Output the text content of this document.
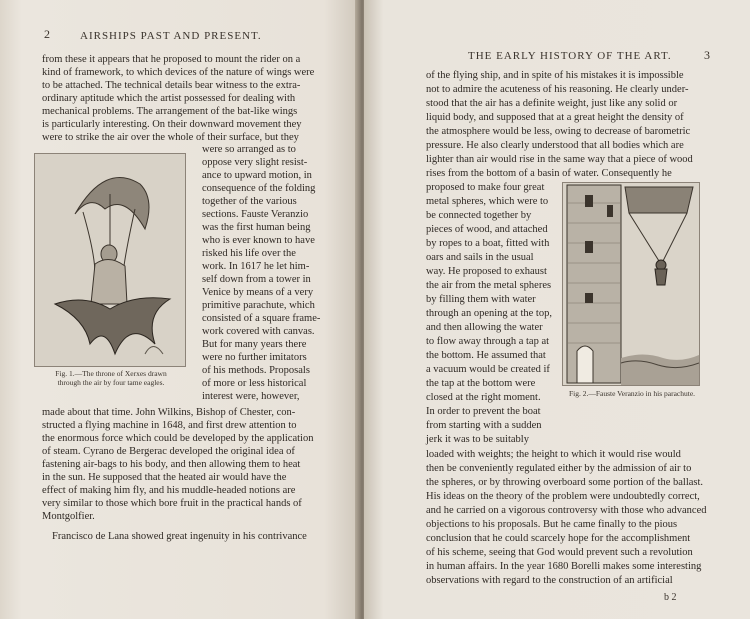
2	AIRSHIPS PAST AND PRESENT.
from these it appears that he proposed to mount the rider on a
kind of framework, to which devices of the nature of wings were
to be attached. The technical details bear witness to the extra-
ordinary aptitude which the artist possessed for dealing with
mechanical problems. The arrangement of the bat-like wings
is particularly interesting. On their downward movement they
were to strike the air over the whole of their surface, but they
Fig. 1.—The throne of Xerxes drawn
through the air by four tame eagles.
were so arranged as to
oppose very slight resist-
ance to upward motion, in
consequence of the folding
together of the various
sections. Fauste Veranzio
was the first human being
who is ever known to have
risked his life over the
work. In 1617 he let him-
self down from a tower in
Venice by means of a very
primitive parachute, which
consisted of a square frame-
work covered with canvas.
But for many years there
were no further imitators
of his methods. Proposals
of more or less historical
interest were, however,
made about that time. John Wilkins, Bishop of Chester, con-
structed a flying machine in 1648, and first drew attention to
the enormous force which could be developed by the application
of steam. Cyrano de Bergerac developed the original idea of
fastening air-bags to his body, and then allowing them to heat
in the sun. He supposed that the heated air would have the
effect of making him fly, and his muddle-headed notions are
very similar to those which bore fruit in the practical hands of
Montgolfier.
Francisco de Lana showed great ingenuity in his contrivance
THE EARLY HISTORY OF THE ART.	3
of the flying ship, and in spite of his mistakes it is impossible
not to admire the acuteness of his reasoning. He clearly under-
stood that the air has a definite weight, just like any solid or
liquid body, and supposed that at a great height the density of
the atmosphere would be less, owing to decrease of barometric
pressure. He also clearly understood that all bodies which are
lighter than air would rise in the same way that a piece of wood
rises from the bottom of a basin of water. Consequently he
proposed to make four great
metal spheres, which were to
be connected together by
pieces of wood, and attached
by ropes to a boat, fitted with
oars and sails in the usual
way. He proposed to exhaust
the air from the metal spheres
by filling them with water
through an opening at the top,
and then allowing the water
to flow away through a tap at
the bottom. He assumed that
a vacuum would be created if
the tap at the bottom were
closed at the right moment.
In order to prevent the boat
from starting with a sudden
jerk it was to be suitably
Fig. 2.—Fauste Veranzio in his parachute.
loaded with weights; the height to which it would rise would
then be conveniently regulated either by the admission of air to
the spheres, or by throwing overboard some portion of the ballast.
His ideas on the theory of the problem were undoubtedly correct,
and he carried on a vigorous controversy with those who advanced
objections to his proposals. But he came finally to the pious
conclusion that he could scarcely hope for the accomplishment
of his scheme, seeing that God would prevent such a revolution
in human affairs. In the year 1680 Borelli makes some interesting
observations with regard to the construction of an artificial
b 2
